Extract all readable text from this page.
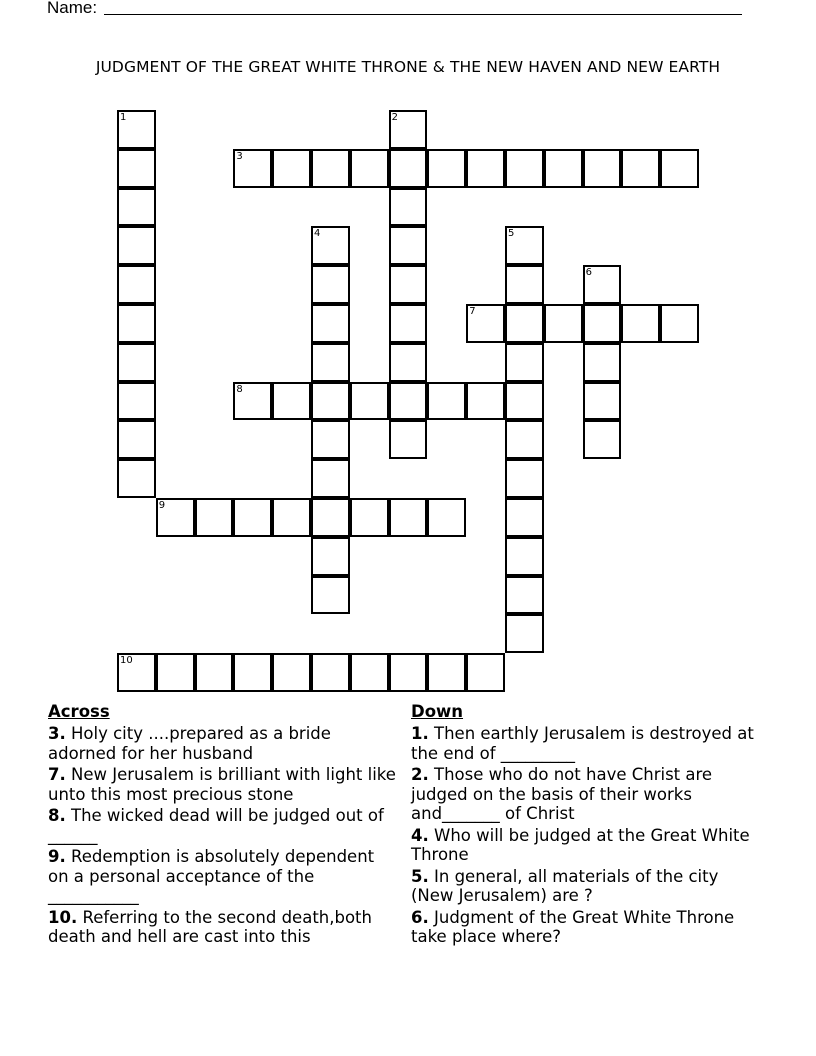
Name:
JUDGMENT OF THE GREAT WHITE THRONE & THE NEW HAVEN AND NEW EARTH
1	2
3
4	5
6
7
8
9
10
Across

3. Holy city ....prepared as a bride adorned for her husband

7. New Jerusalem is brilliant with light like unto this most precious stone

8. The wicked dead will be judged out of ______

9. Redemption is absolutely dependent on a personal acceptance of the ___________

10. Referring to the second death,both death and hell are cast into this

Down

1. Then earthly Jerusalem is destroyed at the end of _________

2. Those who do not have Christ are judged on the basis of their works and_______ of Christ

4. Who will be judged at the Great White Throne

5. In general, all materials of the city (New Jerusalem) are ?

6. Judgment of the Great White Throne take place where?
